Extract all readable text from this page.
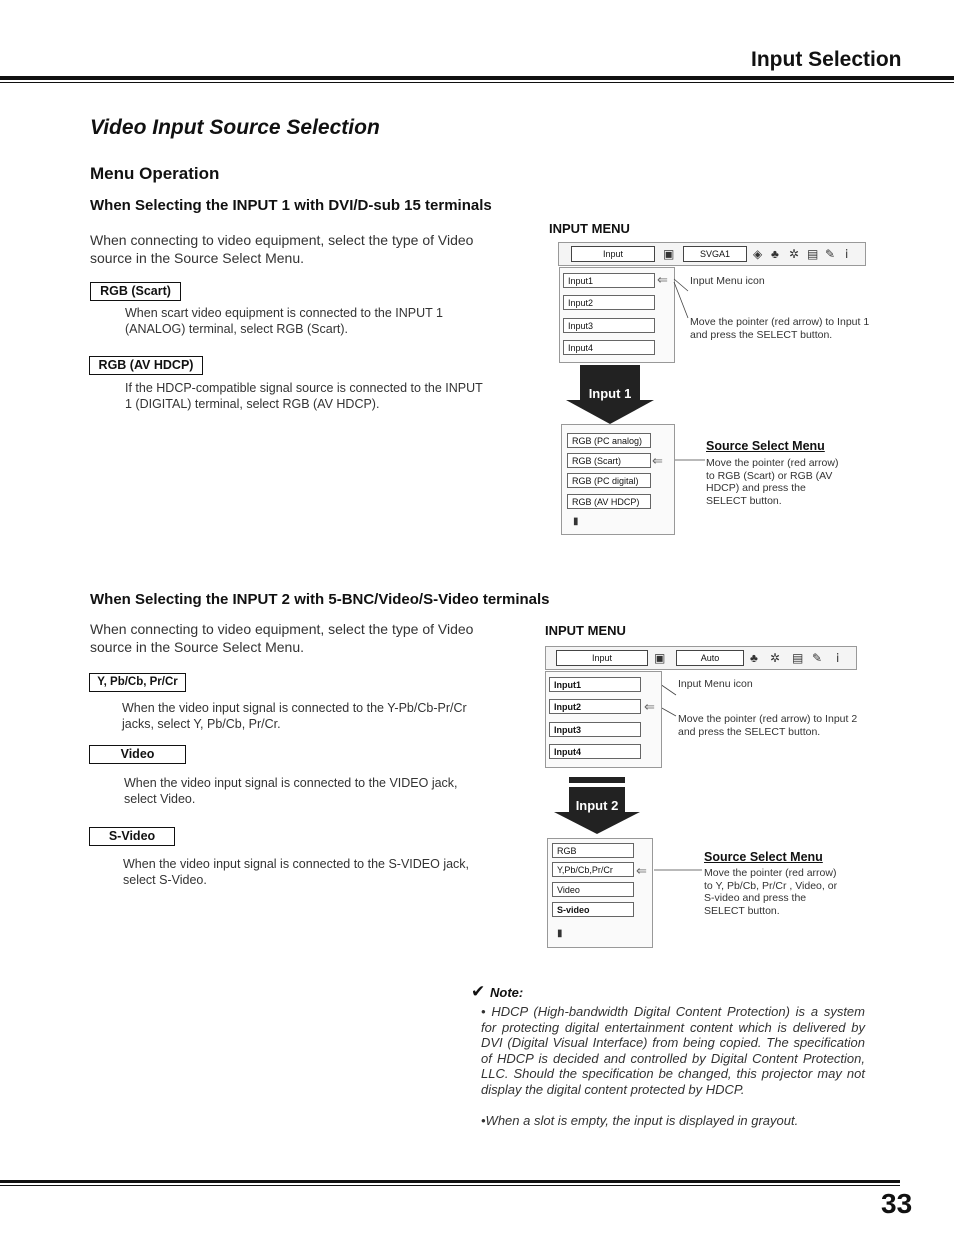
Input Selection
Video Input Source Selection
Menu Operation
When Selecting the INPUT 1 with DVI/D-sub 15 terminals
When connecting to video equipment, select the type of Video source in the Source Select Menu.
RGB (Scart)
When scart video equipment is connected to the INPUT 1 (ANALOG) terminal, select RGB (Scart).
RGB (AV HDCP)
If the HDCP-compatible signal source is connected to the INPUT 1 (DIGITAL) terminal, select RGB (AV HDCP).
INPUT MENU
Input	▣	SVGA1	◈ ♣ ✲ ▤ ✎ ⅰ
Input1
Input2
Input3
Input4
⇐
Input 1
Input Menu icon
Move the pointer (red arrow) to Input 1 and press the SELECT button.
RGB (PC analog)
RGB (Scart)
RGB (PC digital)
RGB (AV HDCP)
▮
⇐
Source Select Menu
Move the pointer (red arrow) to RGB (Scart) or RGB (AV HDCP) and press the SELECT button.
When Selecting the INPUT 2 with 5-BNC/Video/S-Video terminals
When connecting to video equipment, select the type of Video source in the Source Select Menu.
Y, Pb/Cb, Pr/Cr
When the video input signal is connected to the Y-Pb/Cb-Pr/Cr jacks, select Y, Pb/Cb, Pr/Cr.
Video
When the video input signal is connected to the VIDEO jack, select Video.
S-Video
When the video input signal is connected to the S-VIDEO jack, select S-Video.
INPUT MENU
Input	▣	Auto	♣ ✲ ▤ ✎ ⅰ
Input1
Input2
Input3
Input4
⇐
Input 2
Input Menu icon
Move the pointer (red arrow) to Input 2 and press the SELECT button.
RGB
Y,Pb/Cb,Pr/Cr
Video
S-video
▮
⇐
Source Select Menu
Move the pointer (red arrow) to Y, Pb/Cb, Pr/Cr , Video, or S-video and press the SELECT button.
✔ Note:
• HDCP (High-bandwidth Digital Content Protection) is a system for protecting digital entertainment content which is delivered by DVI (Digital Visual Interface) from being copied. The specification of HDCP is decided and controlled by Digital Content Protection, LLC. Should the specification be changed, this projector may not display the digital content protected by HDCP.
•When a slot is empty, the input is displayed in grayout.
33
